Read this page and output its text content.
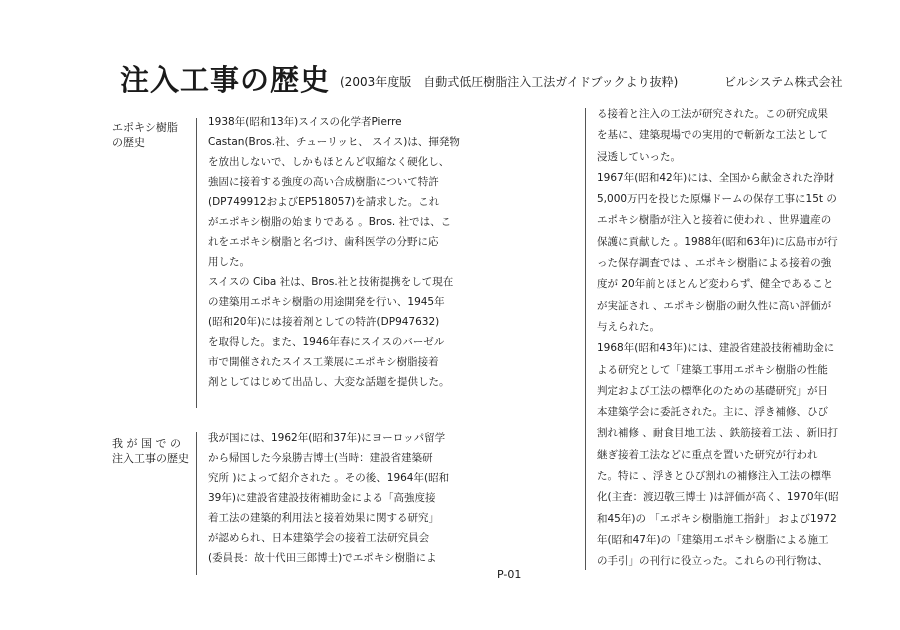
注入工事の歴史 (2003年度版　自動式低圧樹脂注入工法ガイドブックより抜粋)	ビルシステム株式会社
エポキシ樹脂
の歴史
我 が 国 で の
注入工事の歴史
1938年(昭和13年)スイスの化学者Pierre
Castan(Bros.社、チューリッヒ、 スイス)は、揮発物
を放出しないで、しかもほとんど収縮なく硬化し、
強固に接着する強度の高い合成樹脂について特許
(DP749912およびEP518057)を請求した。これ
がエポキシ樹脂の始まりである 。Bros. 社では、こ
れをエポキシ樹脂と名づけ、歯科医学の分野に応
用した。
スイスの Ciba 社は、Bros.社と技術提携をして現在
の建築用エポキシ樹脂の用途開発を行い、1945年
(昭和20年)には接着剤としての特許(DP947632)
を取得した。また、1946年春にスイスのバーゼル
市で開催されたスイス工業展にエポキシ樹脂接着
剤としてはじめて出品し、大変な話題を提供した。
我が国には、1962年(昭和37年)にヨーロッパ留学
から帰国した今泉勝吉博士(当時：建設省建築研
究所 )によって紹介された 。その後、1964年(昭和
39年)に建設省建設技術補助金による「高強度接
着工法の建築的利用法と接着効果に関する研究」
が認められ、日本建築学会の接着工法研究員会
(委員長：故十代田三郎博士)でエポキシ樹脂によ
る接着と注入の工法が研究された。この研究成果
を基に、建築現場での実用的で斬新な工法として
浸透していった。
1967年(昭和42年)には、全国から献金された浄財
5,000万円を投じた原爆ドームの保存工事に15t の
エポキシ樹脂が注入と接着に使われ 、世界遺産の
保護に貢献した 。1988年(昭和63年)に広島市が行
った保存調査では 、エポキシ樹脂による接着の強
度が 20年前とほとんど変わらず、健全であること
が実証され 、エポキシ樹脂の耐久性に高い評価が
与えられた。
1968年(昭和43年)には、建設省建設技術補助金に
よる研究として「建築工事用エポキシ樹脂の性能
判定および工法の標準化のための基礎研究」が日
本建築学会に委託された。主に、浮き補修、ひび
割れ補修 、耐食目地工法 、鉄筋接着工法 、新旧打
継ぎ接着工法などに重点を置いた研究が行われ
た。特に 、浮きとひび割れの補修注入工法の標準
化(主査：渡辺敬三博士 )は評価が高く、1970年(昭
和45年)の 「エポキシ樹脂施工指針」 および1972
年(昭和47年)の「建築用エポキシ樹脂による施工
の手引」の刊行に役立った。これらの刊行物は、
P-01
